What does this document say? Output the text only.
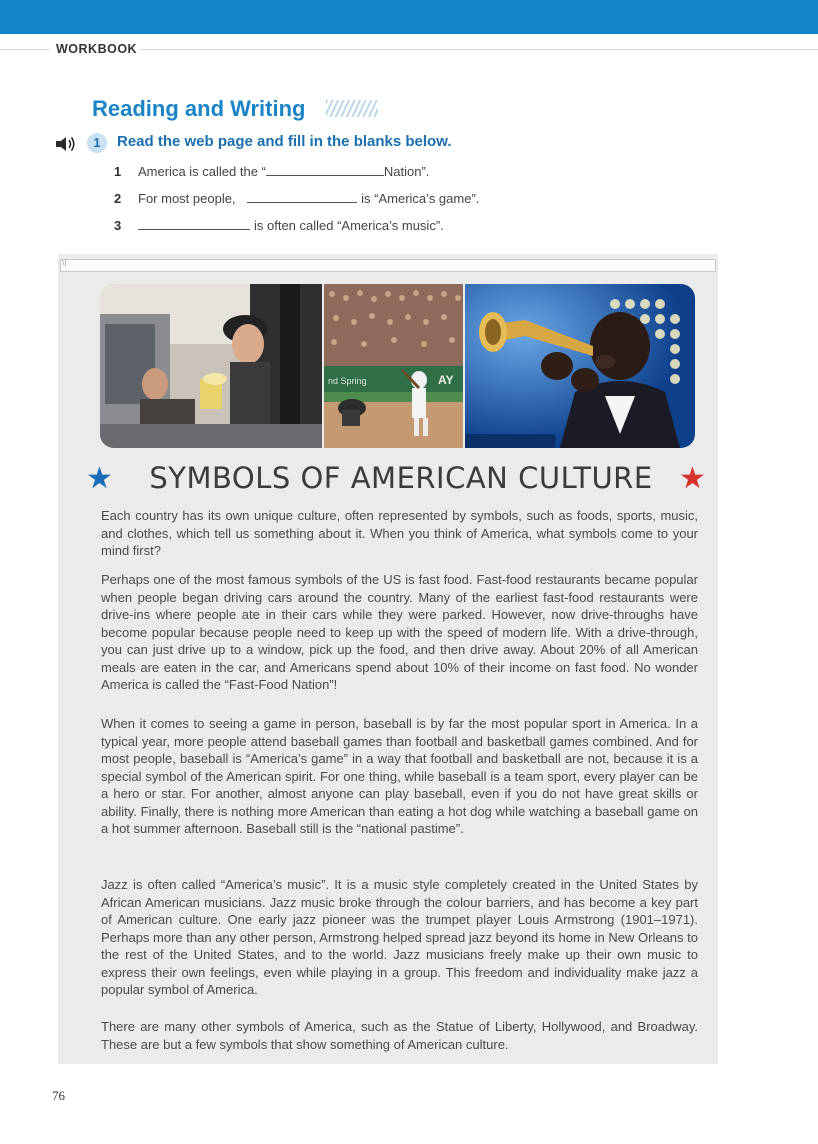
WORKBOOK
Reading and Writing
1	Read the web page and fill in the blanks below.
1 America is called the “	Nation”.
2 For most people,	is “America’s game”.
3	is often called “America’s music”.
\|
nd Spring	AY
★	SYMBOLS OF AMERICAN CULTURE ★

Each country has its own unique culture, often represented by symbols, such as foods, sports, music, and clothes, which tell us something about it. When you think of America, what symbols come to your mind first?

Perhaps one of the most famous symbols of the US is fast food. Fast-food restaurants became popular when people began driving cars around the country. Many of the earliest fast-food restaurants were drive-ins where people ate in their cars while they were parked. However, now drive-throughs have become popular because people need to keep up with the speed of modern life. With a drive-through, you can just drive up to a window, pick up the food, and then drive away. About 20% of all American meals are eaten in the car, and Americans spend about 10% of their income on fast food. No wonder America is called the “Fast-Food Nation”!

When it comes to seeing a game in person, baseball is by far the most popular sport in America. In a typical year, more people attend baseball games than football and basketball games combined. And for most people, baseball is “America’s game” in a way that football and basketball are not, because it is a special symbol of the American spirit. For one thing, while baseball is a team sport, every player can be a hero or star. For another, almost anyone can play baseball, even if you do not have great skills or ability. Finally, there is nothing more American than eating a hot dog while watching a baseball game on a hot summer afternoon. Baseball still is the “national pastime”.

Jazz is often called “America’s music”. It is a music style completely created in the United States by African American musicians. Jazz music broke through the colour barriers, and has become a key part of American culture. One early jazz pioneer was the trumpet player Louis Armstrong (1901–1971). Perhaps more than any other person, Armstrong helped spread jazz beyond its home in New Orleans to the rest of the United States, and to the world. Jazz musicians freely make up their own music to express their own feelings, even while playing in a group. This freedom and individuality make jazz a popular symbol of America.

There are many other symbols of America, such as the Statue of Liberty, Hollywood, and Broadway. These are but a few symbols that show something of American culture.

76
